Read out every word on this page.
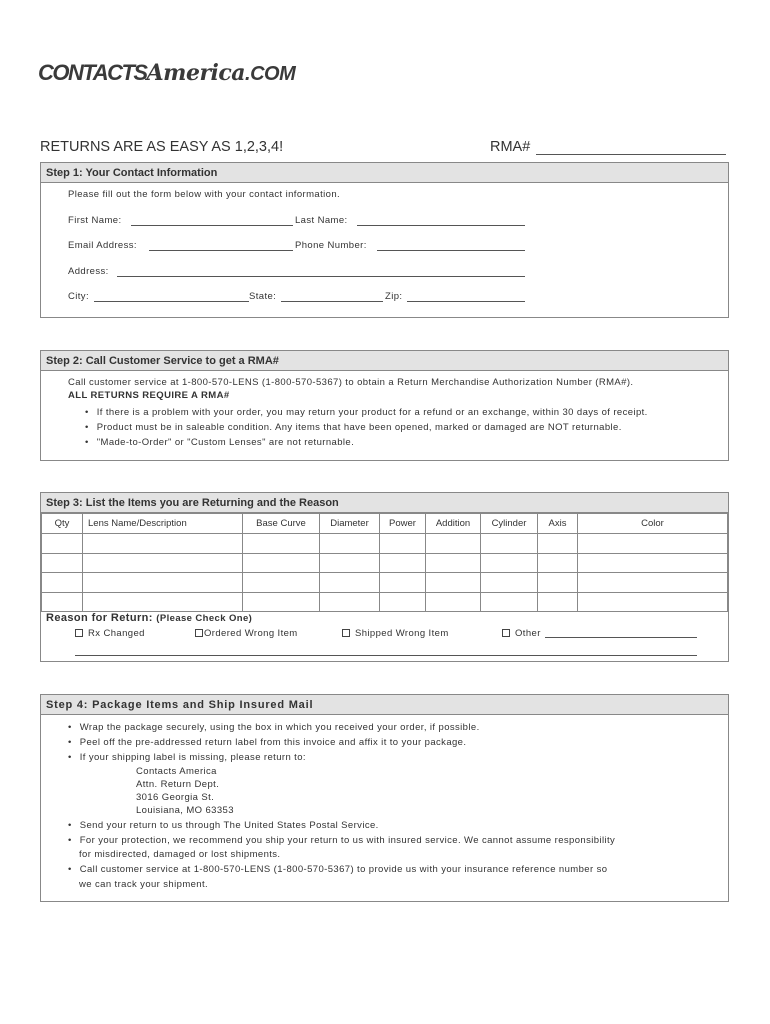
CONTACTS America .COM
RETURNS ARE AS EASY AS 1,2,3,4!	RMA#
Step 1: Your Contact Information
Please fill out the form below with your contact information.
First Name:	Last Name:
Email Address:	Phone Number:
Address:
City:	State:	Zip:
Step 2: Call Customer Service to get a RMA#
Call customer service at 1-800-570-LENS (1-800-570-5367) to obtain a Return Merchandise Authorization Number (RMA#).
ALL RETURNS REQUIRE A RMA#
• If there is a problem with your order, you may return your product for a refund or an exchange, within 30 days of receipt.
• Product must be in saleable condition. Any items that have been opened, marked or damaged are NOT returnable.
• "Made-to-Order" or "Custom Lenses" are not returnable.
Step 3: List the Items you are Returning and the Reason
Qty	Lens Name/Description	Base Curve	Diameter	Power	Addition	Cylinder	Axis	Color

Reason for Return: (Please Check One)
Rx Changed	Ordered Wrong Item	Shipped Wrong Item	Other
Step 4: Package Items and Ship Insured Mail
• Wrap the package securely, using the box in which you received your order, if possible.
• Peel off the pre-addressed return label from this invoice and affix it to your package.
• If your shipping label is missing, please return to:
Contacts America
Attn. Return Dept.
3016 Georgia St.
Louisiana, MO 63353
• Send your return to us through The United States Postal Service.
• For your protection, we recommend you ship your return to us with insured service. We cannot assume responsibility
for misdirected, damaged or lost shipments.
• Call customer service at 1-800-570-LENS (1-800-570-5367) to provide us with your insurance reference number so
we can track your shipment.
